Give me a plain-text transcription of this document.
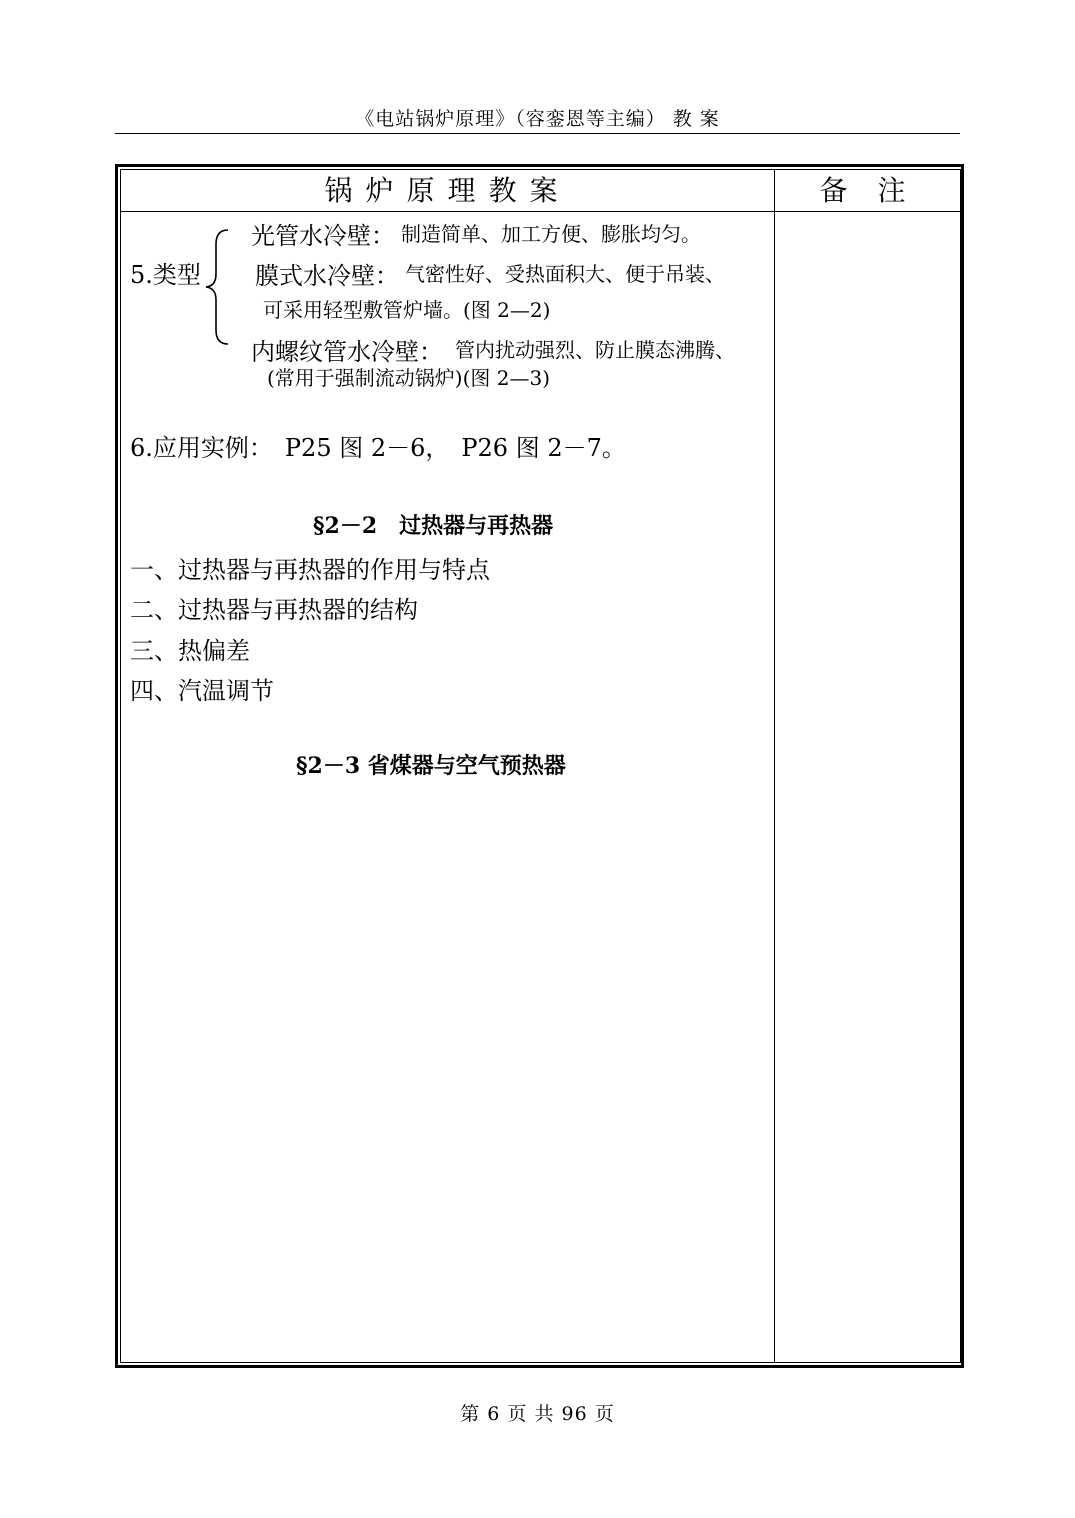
《电站锅炉原理》（容銮恩等主编） 教 案
锅炉原理教案	备注
5.类型
光管水冷壁： 制造简单、加工方便、膨胀均匀。
膜式水冷壁： 气密性好、受热面积大、便于吊装、
可采用轻型敷管炉墙。(图 2—2)
内螺纹管水冷壁： 管内扰动强烈、防止膜态沸腾、
(常用于强制流动锅炉)(图 2—3)
6.应用实例：　P25 图 2－6，　P26 图 2－7。
§2－2　过热器与再热器
一、过热器与再热器的作用与特点
二、过热器与再热器的结构
三、热偏差
四、汽温调节
§2－3 省煤器与空气预热器
第 6 页 共 96 页
